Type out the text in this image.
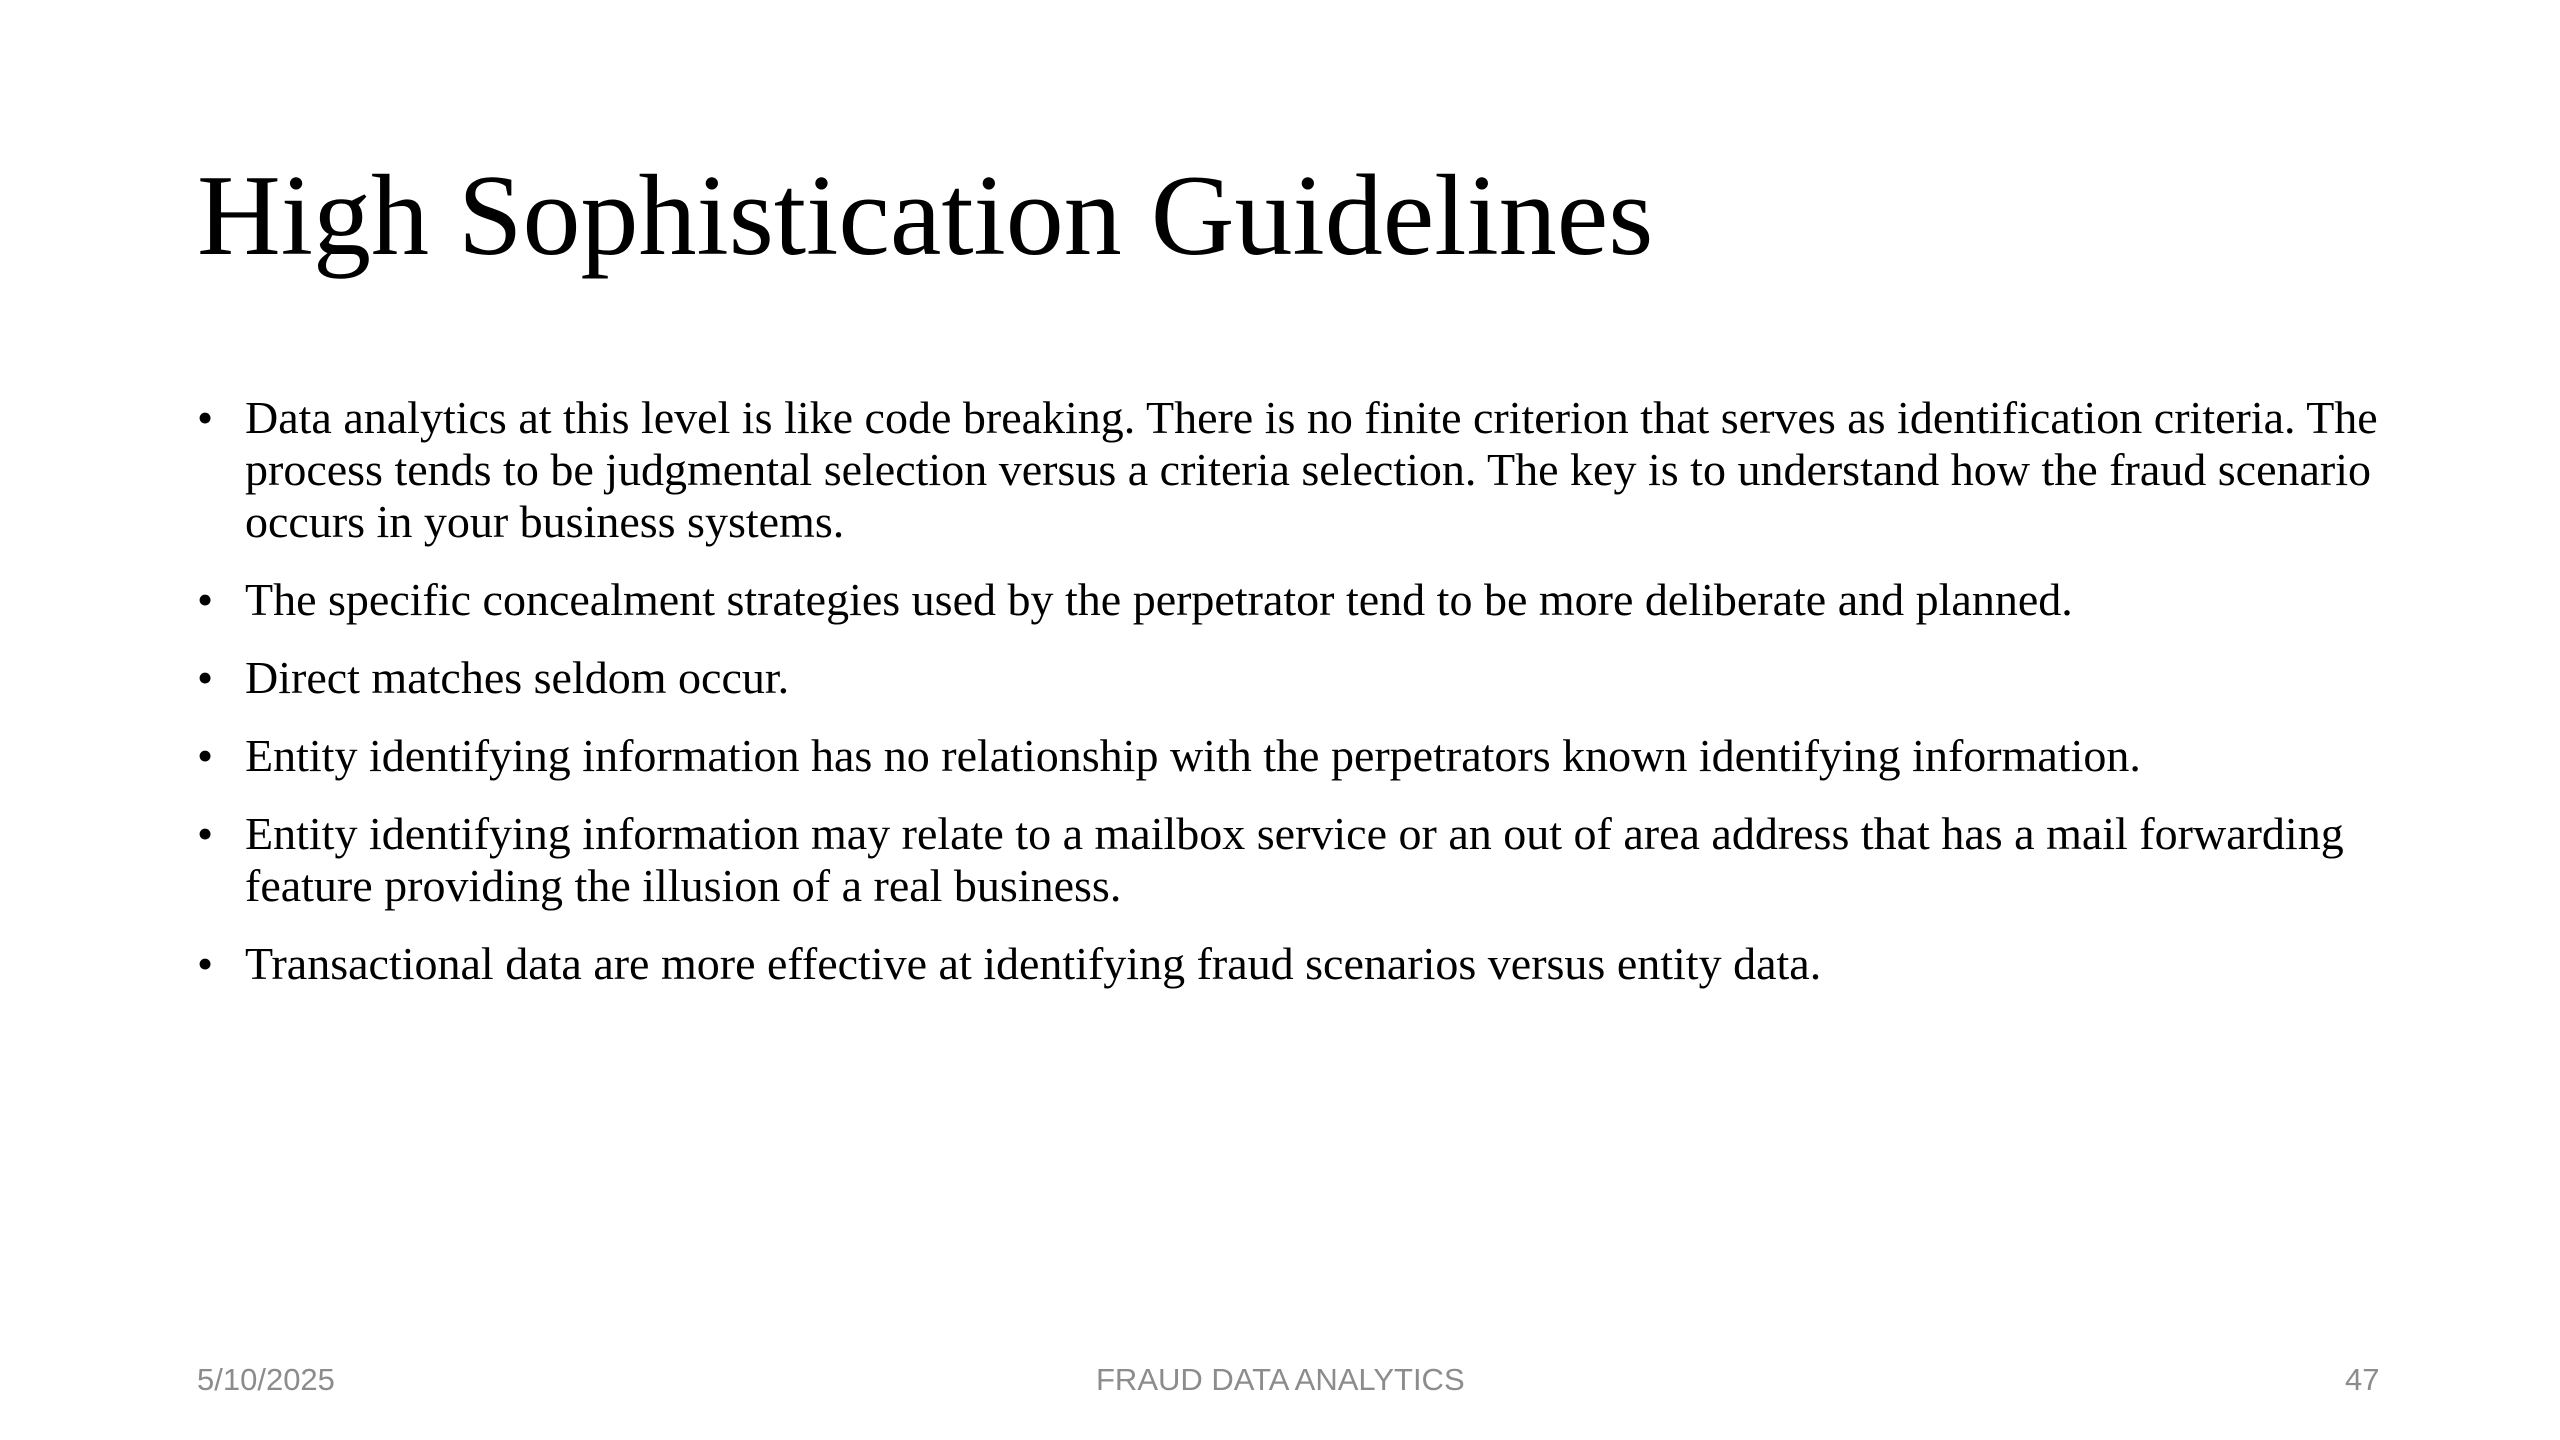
High Sophistication Guidelines
• Data analytics at this level is like code breaking. There is no finite criterion that serves as identification criteria. The process tends to be judgmental selection versus a criteria selection. The key is to understand how the fraud scenario occurs in your business systems.
• The specific concealment strategies used by the perpetrator tend to be more deliberate and planned.
• Direct matches seldom occur.
• Entity identifying information has no relationship with the perpetrators known identifying information.
• Entity identifying information may relate to a mailbox service or an out of area address that has a mail forwarding feature providing the illusion of a real business.
• Transactional data are more effective at identifying fraud scenarios versus entity data.
5/10/2025	FRAUD DATA ANALYTICS	47
